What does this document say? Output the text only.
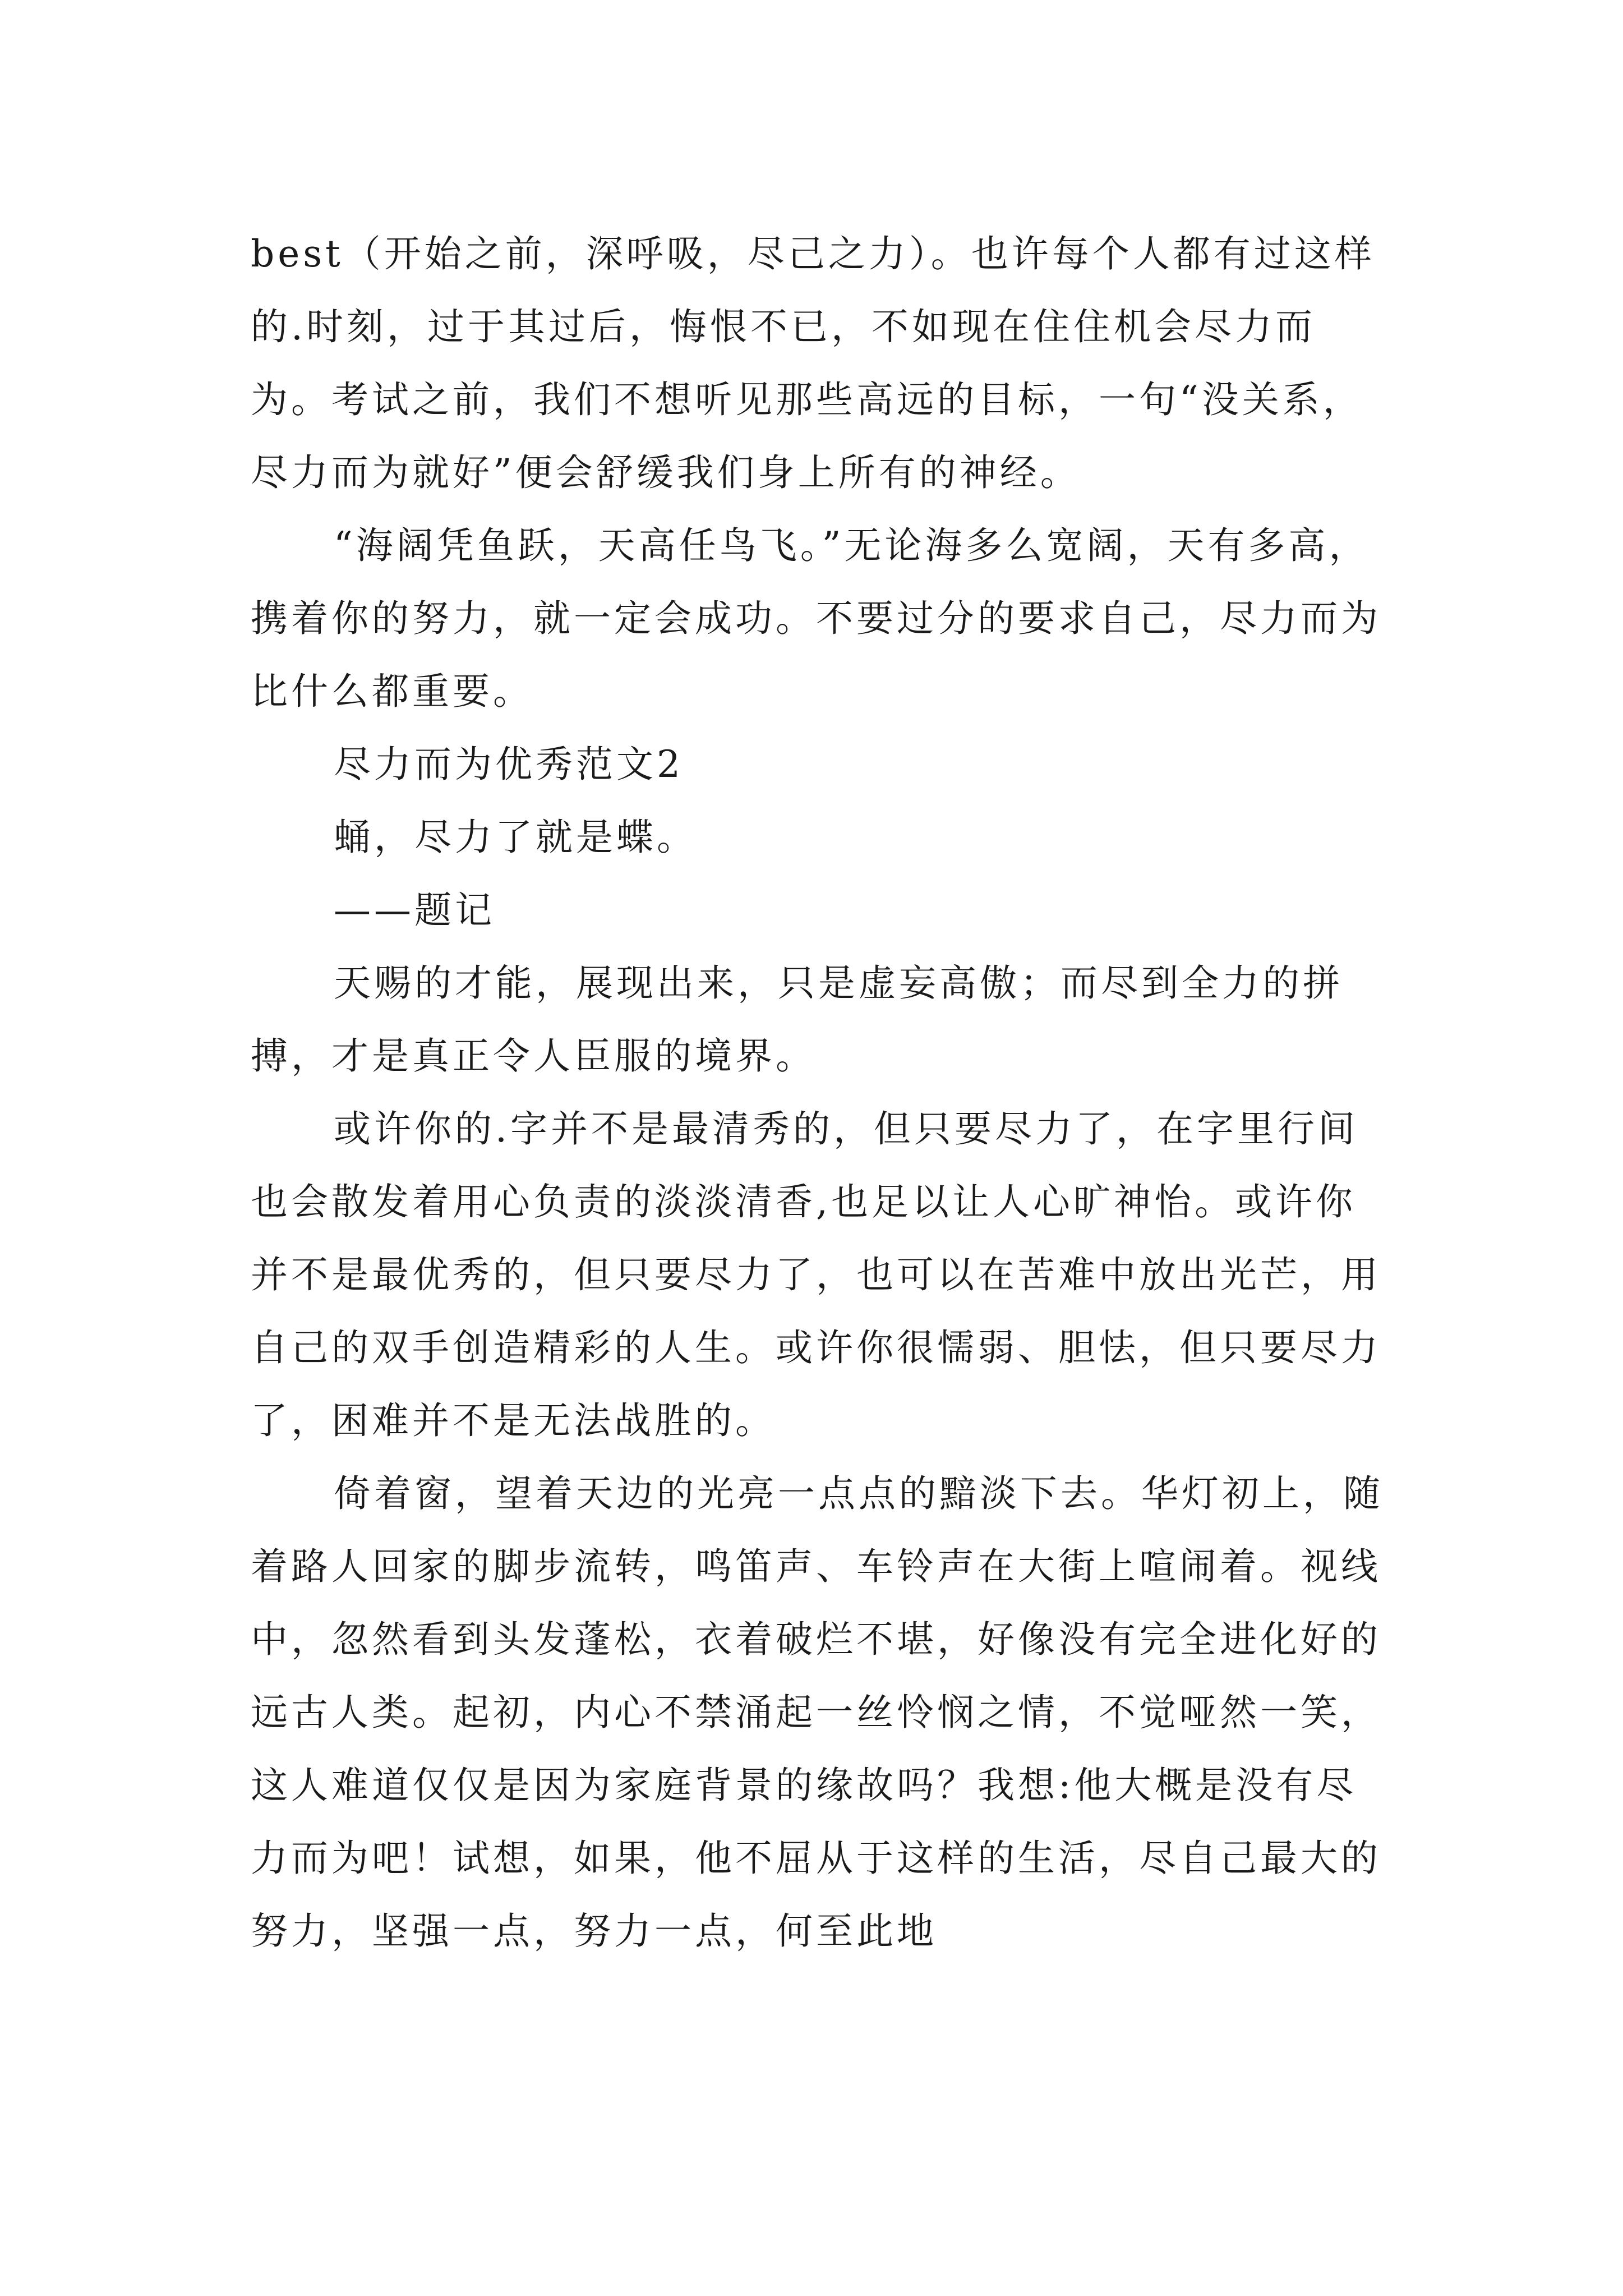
best（开始之前，深呼吸，尽己之力）。也许每个人都有过这样的.时刻，过于其过后，悔恨不已，不如现在住住机会尽力而为。考试之前，我们不想听见那些高远的目标，一句“没关系，尽力而为就好”便会舒缓我们身上所有的神经。

“海阔凭鱼跃，天高任鸟飞。”无论海多么宽阔，天有多高，携着你的努力，就一定会成功。不要过分的要求自己，尽力而为比什么都重要。

尽力而为优秀范文2

蛹，尽力了就是蝶。

——题记

天赐的才能，展现出来，只是虚妄高傲；而尽到全力的拼搏，才是真正令人臣服的境界。

或许你的.字并不是最清秀的，但只要尽力了，在字里行间也会散发着用心负责的淡淡清香,也足以让人心旷神怡。或许你并不是最优秀的，但只要尽力了，也可以在苦难中放出光芒，用自己的双手创造精彩的人生。或许你很懦弱、胆怯，但只要尽力了，困难并不是无法战胜的。

倚着窗，望着天边的光亮一点点的黯淡下去。华灯初上，随着路人回家的脚步流转，鸣笛声、车铃声在大街上喧闹着。视线中，忽然看到头发蓬松，衣着破烂不堪，好像没有完全进化好的远古人类。起初，内心不禁涌起一丝怜悯之情，不觉哑然一笑，这人难道仅仅是因为家庭背景的缘故吗？我想:他大概是没有尽力而为吧！试想，如果，他不屈从于这样的生活，尽自己最大的努力，坚强一点，努力一点，何至此地
